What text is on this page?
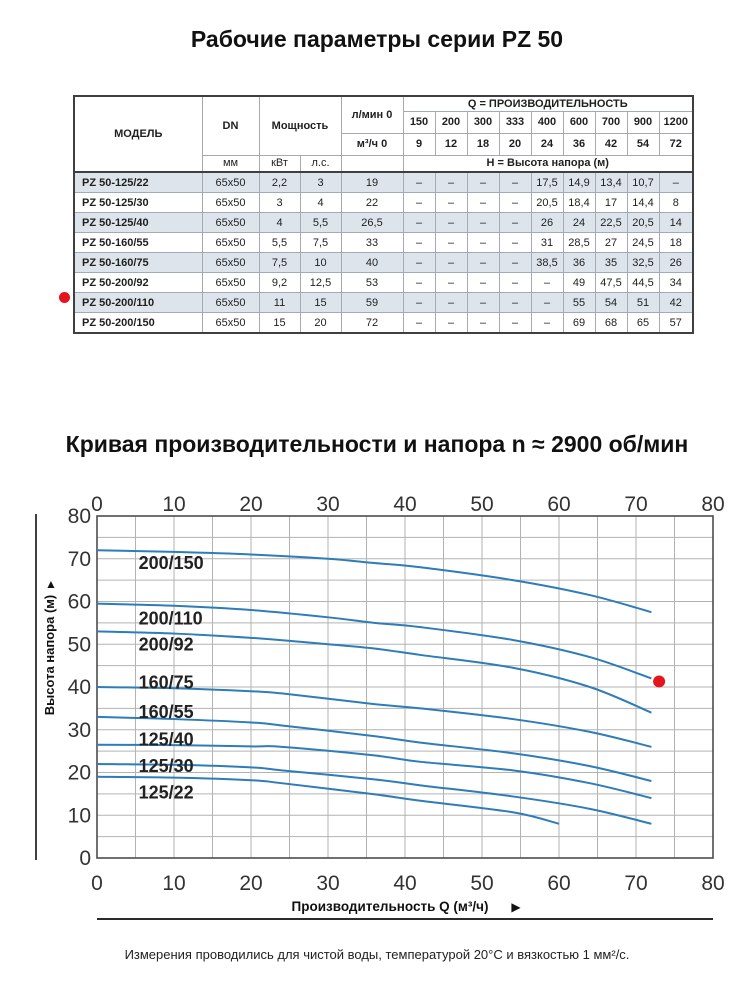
Рабочие параметры серии PZ 50
МОДЕЛЬ	DN	Мощность		л/мин 0	Q = ПРОИЗВОДИТЕЛЬНОСТЬ								
					150	200	300	333	400	600	700	900	1200
				м³/ч 0	9	12	18	20	24	36	42	54	72
	мм	кВт	л.с.		H = Высота напора (м)								
PZ 50-125/22	65x50	2,2	3	19	–	–	–	–	17,5	14,9	13,4	10,7	–
PZ 50-125/30	65x50	3	4	22	–	–	–	–	20,5	18,4	17	14,4	8
PZ 50-125/40	65x50	4	5,5	26,5	–	–	–	–	26	24	22,5	20,5	14
PZ 50-160/55	65x50	5,5	7,5	33	–	–	–	–	31	28,5	27	24,5	18
PZ 50-160/75	65x50	7,5	10	40	–	–	–	–	38,5	36	35	32,5	26
PZ 50-200/92	65x50	9,2	12,5	53	–	–	–	–	–	49	47,5	44,5	34
PZ 50-200/110	65x50	11	15	59	–	–	–	–	–	55	54	51	42
PZ 50-200/150	65x50	15	20	72	–	–	–	–	–	69	68	65	57
Кривая производительности и напора n ≈ 2900 об/мин
200/150
200/110
200/92
160/75
160/55
125/40
125/30
125/22
0
0
10
10
20
20
30
30
40
40
50
50
60
60
70
70
80
80
0
10
20
30
40
50
60
70
80
▲
Высота напора (м)
Производительность Q (м³/ч) ▶
Измерения проводились для чистой воды, температурой 20°C и вязкостью 1 мм²/с.
